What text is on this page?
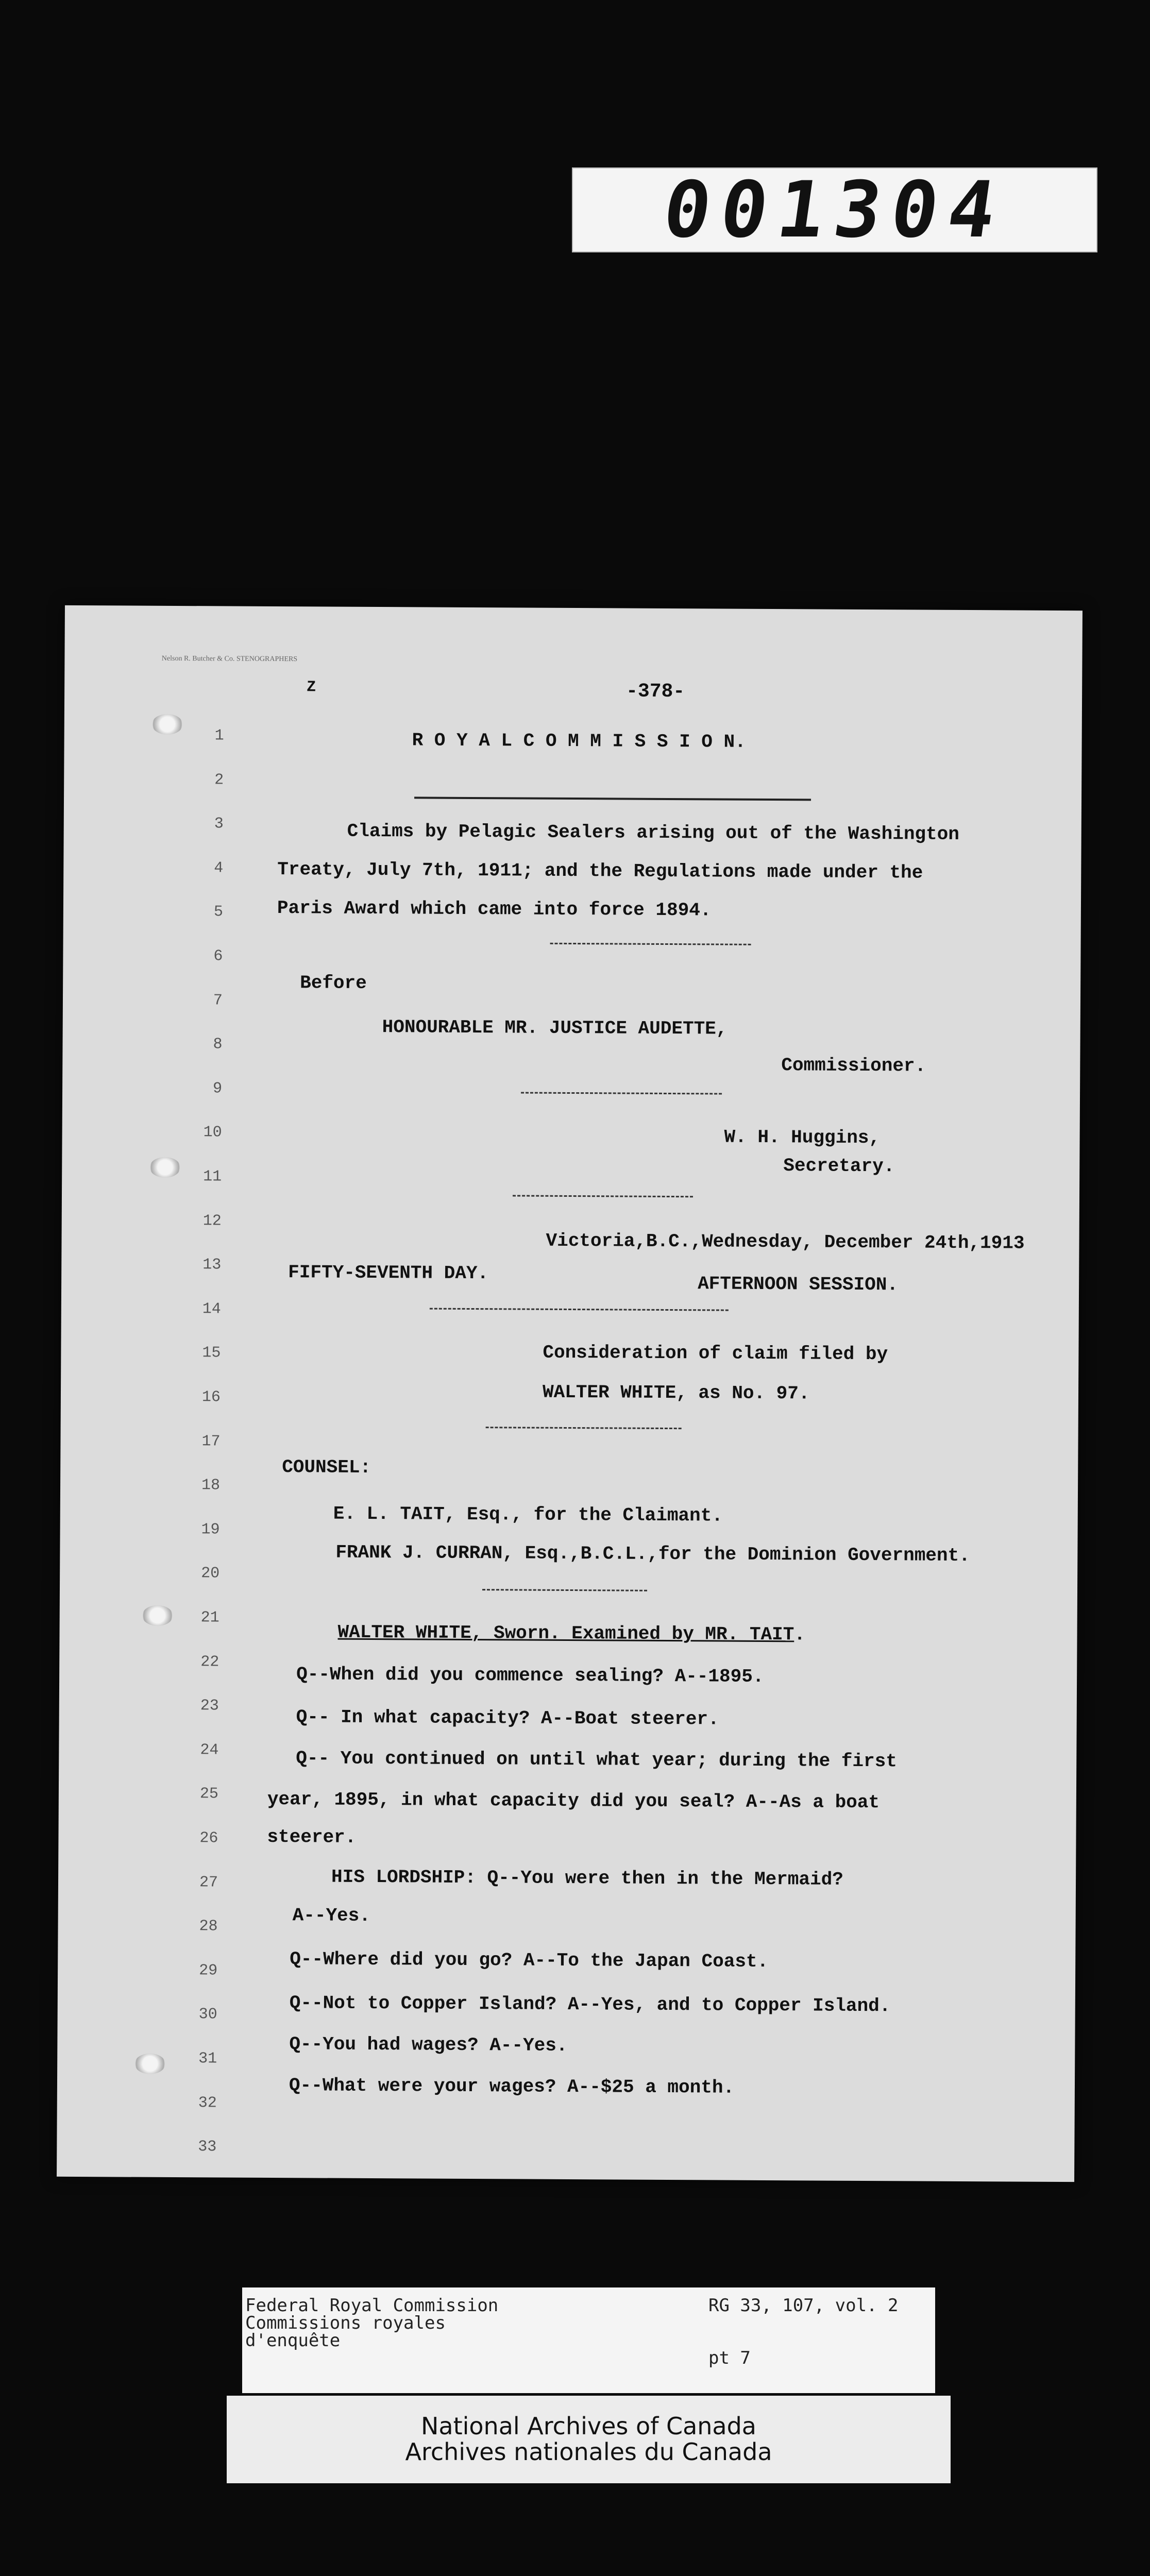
001304
Nelson R. Butcher & Co. STENOGRAPHERS
Z	-378-
1
2
3
4
5
6
7
8
9
10
11
12
13
14
15
16
17
18
19
20
21
22
23
24
25
26
27
28
29
30
31
32
33
R O Y A L C O M M I S S I O N.
Claims by Pelagic Sealers arising out of the Washington
Treaty, July 7th, 1911; and the Regulations made under the
Paris Award which came into force 1894.
Before
HONOURABLE MR. JUSTICE AUDETTE,
Commissioner.
W. H. Huggins,
Secretary.
Victoria,B.C.,Wednesday, December 24th,1913
FIFTY-SEVENTH DAY.
AFTERNOON SESSION.
Consideration of claim filed by
WALTER WHITE, as No. 97.
COUNSEL:
E. L. TAIT, Esq., for the Claimant.
FRANK J. CURRAN, Esq.,B.C.L.,for the Dominion Government.
WALTER WHITE, Sworn. Examined by MR. TAIT.
Q--When did you commence sealing? A--1895.
Q-- In what capacity? A--Boat steerer.
Q-- You continued on until what year; during the first
year, 1895, in what capacity did you seal? A--As a boat
steerer.
HIS LORDSHIP: Q--You were then in the Mermaid?
A--Yes.
Q--Where did you go? A--To the Japan Coast.
Q--Not to Copper Island? A--Yes, and to Copper Island.
Q--You had wages? A--Yes.
Q--What were your wages? A--$25 a month.
Federal Royal Commission
Commissions royales
d'enquête
RG 33, 107, vol. 2
pt 7
National Archives of Canada
Archives nationales du Canada
